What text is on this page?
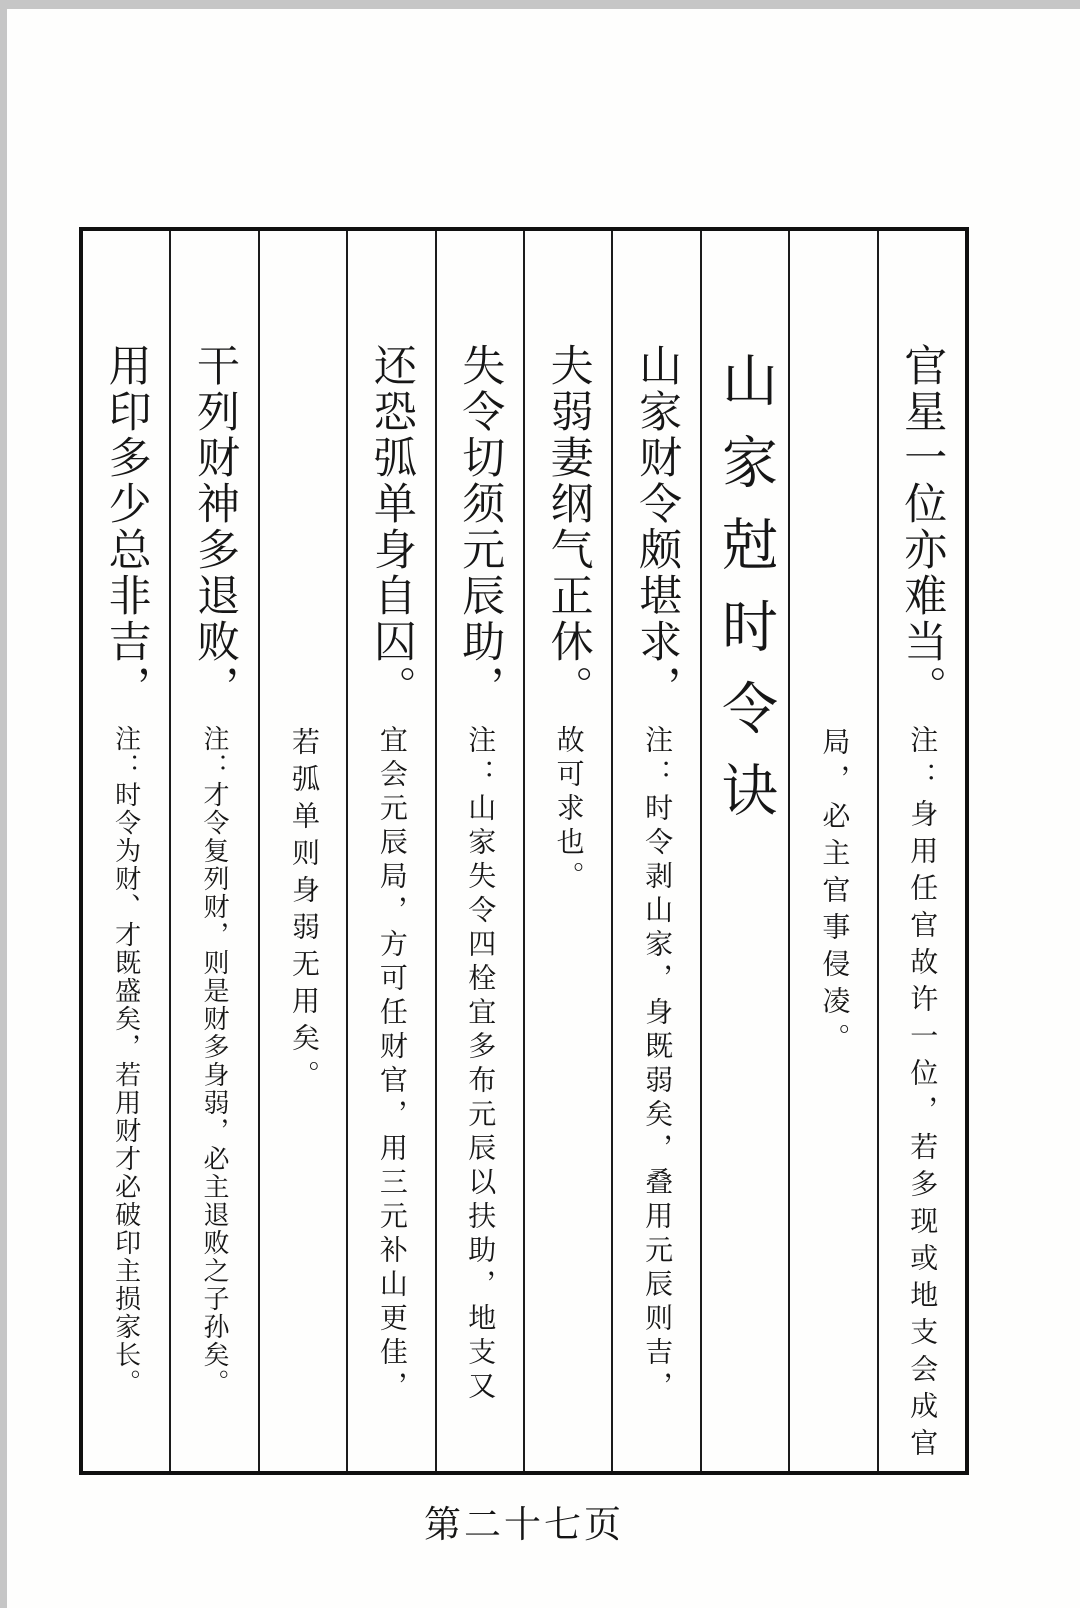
官星一位亦难当。注：身用任官故许一位，若多现或地支会成官
局，必主官事侵凌。
山家尅时令诀
山家财令颇堪求，注：时令剥山家，身既弱矣，叠用元辰则吉，
夫弱妻纲气正休。故可求也。
失令切须元辰助，注：山家失令四栓宜多布元辰以扶助，地支又
还恐弧单身自囚。宜会元辰局，方可任财官，用三元补山更佳，
若弧单则身弱无用矣。
干列财神多退败，注：才令复列财，则是财多身弱，必主退败之子孙矣。
用印多少总非吉，注：时令为财、才既盛矣，若用财才必破印主损家长。
第二十七页
